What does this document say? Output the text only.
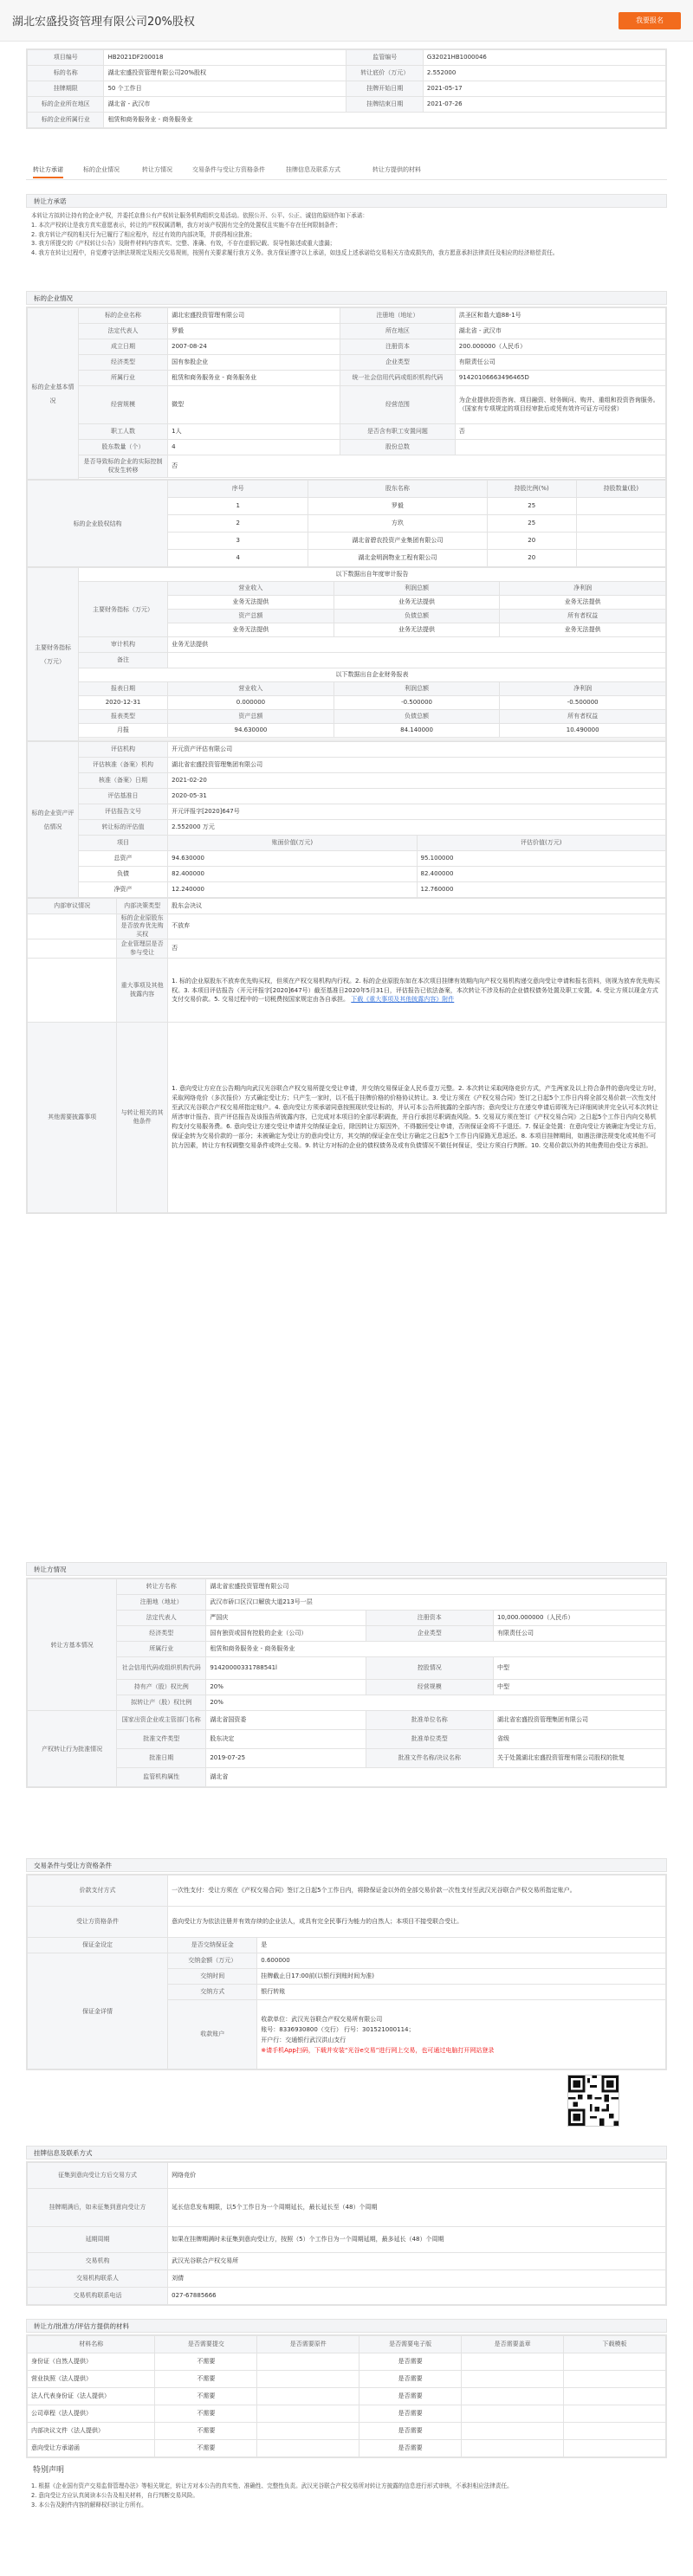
湖北宏盛投资管理有限公司20%股权	我要报名
项目编号	HB2021DF200018	监管编号	G32021HB1000046
标的名称	湖北宏盛投资管理有限公司20%股权	转让底价（万元）	2.552000
挂牌期限	50 个工作日	挂牌开始日期	2021-05-17
标的企业所在地区	湖北省 - 武汉市	挂牌结束日期	2021-07-26
标的企业所属行业	租赁和商务服务业 - 商务服务业		
转让方承诺	标的企业情况	转让方情况	交易条件与受让方资格条件	挂牌信息及联系方式	转让方提供的材料
转让方承诺
本转让方拟转让持有的企业产权，并委托京鼎公有产权转让服务机构组织交易活动。依照公开、公平、公正、诚信的原则作如下承诺：
1. 本次产权转让是我方真实意愿表示，转让的产权权属清晰，我方对该产权拥有完全的处置权且实施不存在任何限制条件；
2. 我方转让产权的相关行为已履行了相应程序，经过有效的内部决策，并获得相应批准；
3. 我方所提交的《产权转让公告》及附件材料内容真实、完整、准确、有效，不存在虚假记载、误导性陈述或重大遗漏；
4. 我方在转让过程中，自觉遵守法律法规规定及相关交易规则，按照有关要求履行我方义务。我方保证遵守以上承诺，如违反上述承诺给交易相关方造成损失的，我方愿意承担法律责任及相应的经济赔偿责任。
标的企业情况
标的企业基本情况	标的企业名称	湖北宏盛投资管理有限公司	注册地（地址）	洪圣区和谐大道88-1号
	法定代表人	罗毅	所在地区	湖北省 - 武汉市
	成立日期	2007-08-24	注册资本	200.000000（人民币）
	经济类型	国有参股企业	企业类型	有限责任公司
	所属行业	租赁和商务服务业 - 商务服务业	统一社会信用代码或组织机构代码	91420106663496465D
	经营规模	微型	经营范围	为企业提供投资咨询、项目融资、财务顾问、购并、重组和投资咨询服务。（国家有专项规定的项目经审批后或凭有效许可证方可经营）
	职工人数	1人	是否含有职工安置问题	否
	股东数量（个）	4	股份总数	
	是否导致标的企业的实际控制权发生转移	否		

标的企业股权结构	序号	股东名称	持股比例(%)	持股数量(股)
	1	罗毅	25	
	2	方玖	25	
	3	湖北省碧农投资产业集团有限公司	20	
	4	湖北金明润物业工程有限公司	20	
主要财务指标（万元）	以下数据出自年度审计报告			
	主要财务指标（万元）	营业收入	利润总额	净利润
		业务无法提供	业务无法提供	业务无法提供
		资产总额	负债总额	所有者权益
		业务无法提供	业务无法提供	业务无法提供
	审计机构	业务无法提供		
	备注			
	以下数据出自企业财务报表			
	报表日期	营业收入	利润总额	净利润
	2020-12-31	0.000000	-0.500000	-0.500000
	报表类型	资产总额	负债总额	所有者权益
	月报	94.630000	84.140000	10.490000

标的企业资产评估情况	评估机构	开元资产评估有限公司	
	评估核准（备案）机构	湖北省宏盛投资管理集团有限公司	
	核准（备案）日期	2021-02-20	
	评估基准日	2020-05-31	
	评估报告文号	开元评报字[2020]647号	
	转让标的评估值	2.552000 万元	
	项目	账面价值(万元)	评估价值(万元)
	总资产	94.630000	95.100000
	负债	82.400000	82.400000
	净资产	12.240000	12.760000
内部审议情况	内部决策类型	股东会决议
	标的企业原股东是否放弃优先购买权	不放弃
	企业管理层是否参与受让	否
	重大事项及其他披露内容	1. 标的企业原股东不放弃优先购买权，但须在产权交易机构内行权。2. 标的企业原股东如在本次项目挂牌有效期内向产权交易机构递交意向受让申请和报名资料，则视为放弃优先购买权。3. 本项目评估报告（开元评报字[2020]647号）截至基准日2020年5月31日，评估报告已依法备案，本次转让不涉及标的企业债权债务处置及职工安置。4. 受让方须以现金方式支付交易价款。5. 交易过程中的一切税费按国家规定由各自承担。 下载《重大事项及其他披露内容》附件
其他需要披露事项	与转让相关的其他条件	1. 意向受让方应在公告期内向武汉光谷联合产权交易所提交受让申请，并交纳交易保证金人民币壹万元整。2. 本次转让采取网络竞价方式，产生两家及以上符合条件的意向受让方时，采取网络竞价（多次报价）方式确定受让方；只产生一家时，以不低于挂牌价格的价格协议转让。3. 受让方须在《产权交易合同》签订之日起5个工作日内将全部交易价款一次性支付至武汉光谷联合产权交易所指定账户。4. 意向受让方须承诺同意按照现状受让标的，并认可本公告所披露的全部内容；意向受让方在递交申请后即视为已详细阅读并完全认可本次转让所涉审计报告、资产评估报告及该报告所披露内容，已完成对本项目的全部尽职调查，并自行承担尽职调查风险。5. 交易双方须在签订《产权交易合同》之日起5个工作日内向交易机构支付交易服务费。6. 意向受让方递交受让申请并交纳保证金后，除因转让方原因外，不得撤回受让申请，否则保证金将不予退还。7. 保证金处置：在意向受让方被确定为受让方后，保证金转为交易价款的一部分；未被确定为受让方的意向受让方，其交纳的保证金在受让方确定之日起5个工作日内原路无息返还。8. 本项目挂牌期间，如遇法律法规变化或其他不可抗力因素，转让方有权调整交易条件或终止交易。9. 转让方对标的企业的债权债务及或有负债情况不做任何保证，受让方须自行判断。10. 交易价款以外的其他费用由受让方承担。
转让方情况
转让方基本情况	转让方名称	湖北省宏盛投资管理有限公司		
	注册地（地址）	武汉市硚口区汉口解放大道213号一层		
	法定代表人	严国庆	注册资本	10,000.000000（人民币）
	经济类型	国有独资或国有控股的企业（公司）	企业类型	有限责任公司
	所属行业	租赁和商务服务业 - 商务服务业		
	社会信用代码或组织机构代码	91420000331788541l	控股情况	中型
	持有产（股）权比例	20%	经营规模	中型
	拟转让产（股）权比例	20%		
产权转让行为批准情况	国家出资企业或主管部门名称	湖北省国资委	批准单位名称	湖北省宏盛投资管理集团有限公司
	批准文件类型	股东决定	批准单位类型	省级
	批准日期	2019-07-25	批准文件名称/决议名称	关于处置湖北宏盛投资管理有限公司股权的批复
	监管机构属性	湖北省		
交易条件与受让方资格条件
价款支付方式	一次性支付：受让方须在《产权交易合同》签订之日起5个工作日内，将除保证金以外的全部交易价款一次性支付至武汉光谷联合产权交易所指定账户。	
受让方资格条件	意向受让方为依法注册并有效存续的企业法人，或具有完全民事行为能力的自然人；本项目不接受联合受让。	
保证金设定	是否交纳保证金	是
保证金详情	交纳金额（万元）	0.600000
	交纳时间	挂牌截止日17:00前(以银行到账时间为准)
	交纳方式	银行转账
	收款账户	收款单位：武汉光谷联合产权交易所有限公司
账号：8336930800（交行） 行号：301521000114；
开户行：交通银行武汉洪山支行
※请手机App扫码，下载并安装“光谷e交易”进行网上交易，也可通过电脑打开网站登录
挂牌信息及联系方式
征集到意向受让方后交易方式	网络竞价
挂牌期满后，如未征集到意向受让方	延长信息发布期限，以5个工作日为一个周期延长，最长延长至（48）个周期
延期周期	如果在挂牌期满时未征集到意向受让方，按照（5）个工作日为一个周期延期，最多延长（48）个周期
交易机构	武汉光谷联合产权交易所
交易机构联系人	刘倩
交易机构联系电话	027-67885666
转让方/批准方/评估方提供的材料
材料名称	是否需要提交	是否需要原件	是否需要电子版	是否需要盖章	下载模板
身份证（自然人提供）	不需要		是否需要		
营业执照（法人提供）	不需要		是否需要		
法人代表身份证（法人提供）	不需要		是否需要		
公司章程（法人提供）	不需要		是否需要		
内部决议文件（法人提供）	不需要		是否需要		
意向受让方承诺函	不需要		是否需要		
特别声明
1. 根据《企业国有资产交易监督管理办法》等相关规定，转让方对本公告的真实性、准确性、完整性负责。武汉光谷联合产权交易所对转让方披露的信息进行形式审核，不承担相应法律责任。
2. 意向受让方应认真阅读本公告及相关材料，自行判断交易风险。
3. 本公告及附件内容的解释权归转让方所有。
